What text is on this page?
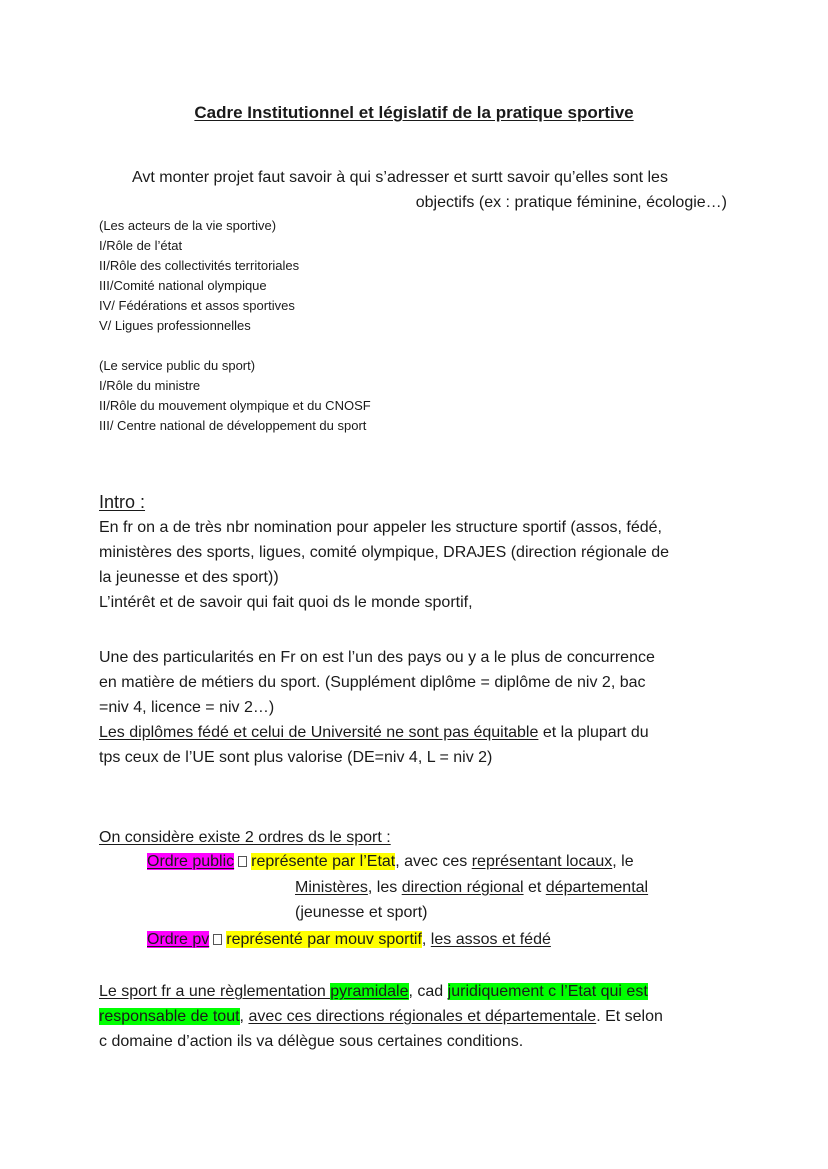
Cadre Institutionnel et législatif de la pratique sportive
Avt monter projet faut savoir à qui s’adresser et surtt savoir qu’elles sont les
objectifs (ex : pratique féminine, écologie…)
(Les acteurs de la vie sportive)
I/Rôle de l’état
II/Rôle des collectivités territoriales
III/Comité national olympique
IV/ Fédérations et assos sportives
V/ Ligues professionnelles
(Le service public du sport)
I/Rôle du ministre
II/Rôle du mouvement olympique et du CNOSF
III/ Centre national de développement du sport
Intro :
En fr on a de très nbr nomination pour appeler les structure sportif (assos, fédé,
ministères des sports, ligues, comité olympique, DRAJES (direction régionale de
la jeunesse et des sport))
L’intérêt et de savoir qui fait quoi ds le monde sportif,
Une des particularités en Fr on est l’un des pays ou y a le plus de concurrence
en matière de métiers du sport. (Supplément diplôme = diplôme de niv 2, bac
=niv 4, licence = niv 2…)
Les diplômes fédé et celui de Université ne sont pas équitable et la plupart du
tps ceux de l’UE sont plus valorise (DE=niv 4, L = niv 2)
On considère existe 2 ordres ds le sport :
Ordre public représente par l’Etat, avec ces représentant locaux, le
Ministères, les direction régional et départemental
(jeunesse et sport)
Ordre pv représenté par mouv sportif, les assos et fédé
Le sport fr a une règlementation pyramidale, cad juridiquement c l’Etat qui est
responsable de tout, avec ces directions régionales et départementale. Et selon
c domaine d’action ils va délègue sous certaines conditions.
